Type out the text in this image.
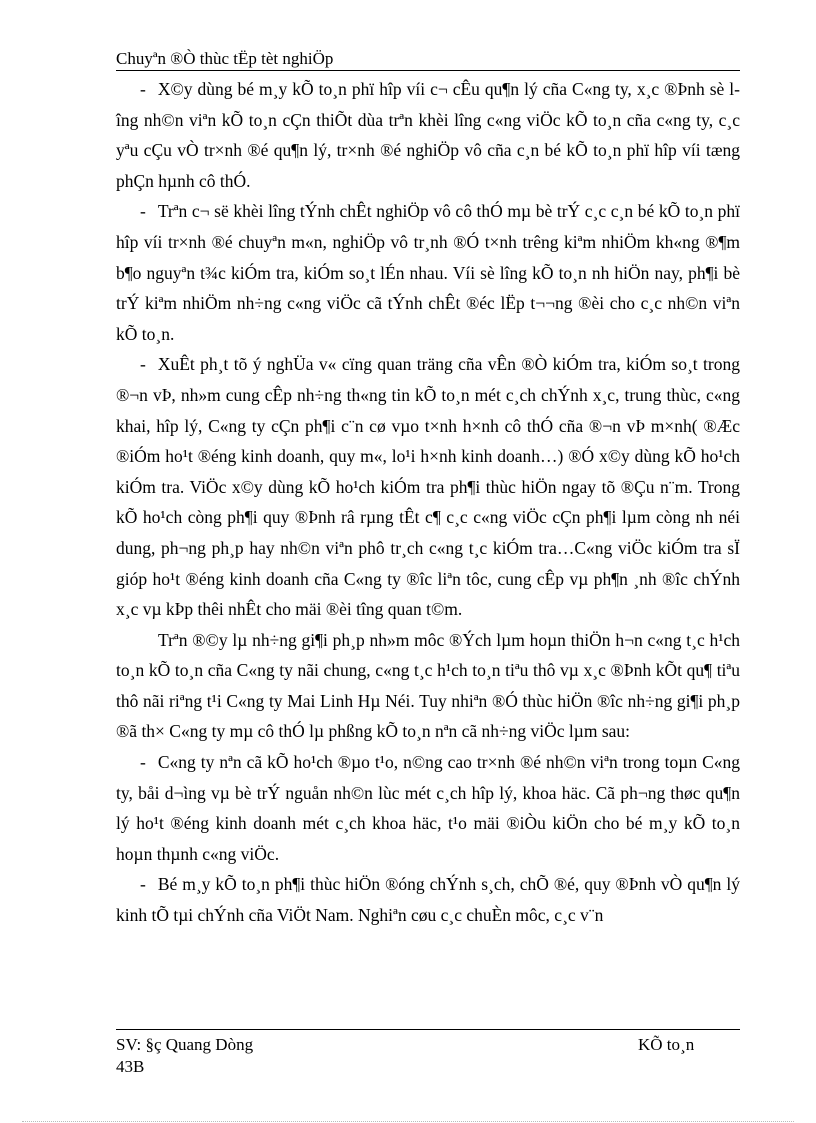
Chuyªn ®Ò thùc tËp tèt nghiÖp

- X©y dùng bé m¸y kÕ to¸n phï hîp víi c¬ cÊu qu¶n lý cña C«ng ty, x¸c ®Þnh sè lîng nh©n viªn kÕ to¸n cÇn thiÕt dùa trªn khèi lîng c«ng viÖc kÕ to¸n cña c«ng ty, c¸c yªu cÇu vÒ tr×nh ®é qu¶n lý, tr×nh ®é nghiÖp vô cña c¸n bé kÕ to¸n phï hîp víi tæng phÇn hµnh cô thÓ.

- Trªn c¬ së khèi lîng tÝnh chÊt nghiÖp vô cô thÓ mµ bè trÝ c¸c c¸n bé kÕ to¸n phï hîp víi tr×nh ®é chuyªn m«n, nghiÖp vô tr¸nh ®Ó t×nh trêng kiªm nhiÖm kh«ng ®¶m b¶o nguyªn t¾c kiÓm tra, kiÓm so¸t lÉn nhau. Víi sè lîng kÕ to¸n nh hiÖn nay, ph¶i bè trÝ kiªm nhiÖm nh÷ng c«ng viÖc cã tÝnh chÊt ®éc lËp t¬¬ng ®èi cho c¸c nh©n viªn kÕ to¸n.

- XuÊt ph¸t tõ ý nghÜa v« cïng quan träng cña vÊn ®Ò kiÓm tra, kiÓm so¸t trong ®¬n vÞ, nh»m cung cÊp nh÷ng th«ng tin kÕ to¸n mét c¸ch chÝnh x¸c, trung thùc, c«ng khai, hîp lý, C«ng ty cÇn ph¶i c¨n cø vµo t×nh h×nh cô thÓ cña ®¬n vÞ m×nh( ®Æc ®iÓm ho¹t ®éng kinh doanh, quy m«, lo¹i h×nh kinh doanh…) ®Ó x©y dùng kÕ ho¹ch kiÓm tra. ViÖc x©y dùng kÕ ho¹ch kiÓm tra ph¶i thùc hiÖn ngay tõ ®Çu n¨m. Trong kÕ ho¹ch còng ph¶i quy ®Þnh râ rµng tÊt c¶ c¸c c«ng viÖc cÇn ph¶i lµm còng nh néi dung, ph¬ng ph¸p hay nh©n viªn phô tr¸ch c«ng t¸c kiÓm tra…C«ng viÖc kiÓm tra sÏ gióp ho¹t ®éng kinh doanh cña C«ng ty ®îc liªn tôc, cung cÊp vµ ph¶n ¸nh ®îc chÝnh x¸c vµ kÞp thêi nhÊt cho mäi ®èi tîng quan t©m.

Trªn ®©y lµ nh÷ng gi¶i ph¸p nh»m môc ®Ých lµm hoµn thiÖn h¬n c«ng t¸c h¹ch to¸n kÕ to¸n cña C«ng ty nãi chung, c«ng t¸c h¹ch to¸n tiªu thô vµ x¸c ®Þnh kÕt qu¶ tiªu thô nãi riªng t¹i C«ng ty Mai Linh Hµ Néi. Tuy nhiªn ®Ó thùc hiÖn ®îc nh÷ng gi¶i ph¸p ®ã th× C«ng ty mµ cô thÓ lµ phßng kÕ to¸n nªn cã nh÷ng viÖc lµm sau:

- C«ng ty nªn cã kÕ ho¹ch ®µo t¹o, n©ng cao tr×nh ®é nh©n viªn trong toµn C«ng ty, båi d¬ìng vµ bè trÝ nguån nh©n lùc mét c¸ch hîp lý, khoa häc. Cã ph¬ng thøc qu¶n lý ho¹t ®éng kinh doanh mét c¸ch khoa häc, t¹o mäi ®iÒu kiÖn cho bé m¸y kÕ to¸n hoµn thµnh c«ng viÖc.

- Bé m¸y kÕ to¸n ph¶i thùc hiÖn ®óng chÝnh s¸ch, chÕ ®é, quy ®Þnh vÒ qu¶n lý kinh tÕ tµi chÝnh cña ViÖt Nam. Nghiªn cøu c¸c chuÈn môc, c¸c v¨n

SV: §ç Quang Dòng
43B
KÕ to¸n
